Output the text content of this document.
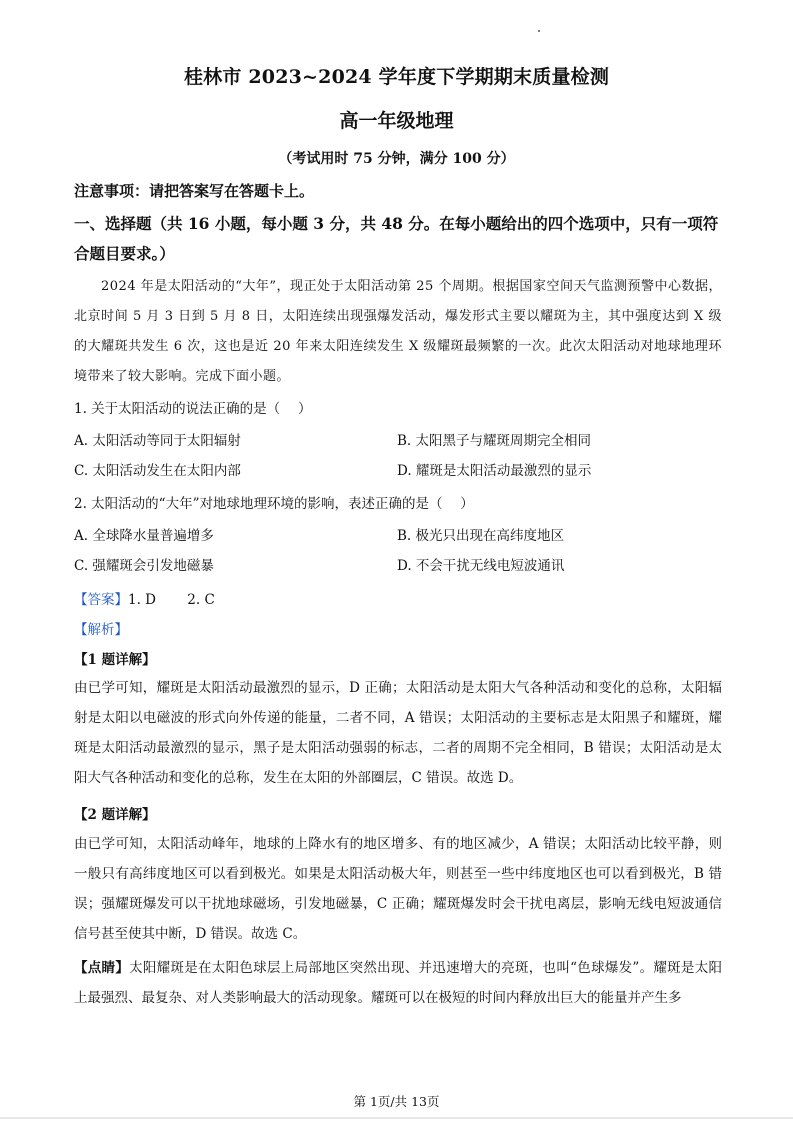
桂林市 2023~2024 学年度下学期期末质量检测
高一年级地理
（考试用时 75 分钟，满分 100 分）
注意事项：请把答案写在答题卡上。
一、选择题（共 16 小题，每小题 3 分，共 48 分。在每小题给出的四个选项中，只有一项符合题目要求。）
2024 年是太阳活动的“大年”，现正处于太阳活动第 25 个周期。根据国家空间天气监测预警中心数据，北京时间 5 月 3 日到 5 月 8 日，太阳连续出现强爆发活动，爆发形式主要以耀斑为主，其中强度达到 X 级的大耀斑共发生 6 次，这也是近 20 年来太阳连续发生 X 级耀斑最频繁的一次。此次太阳活动对地球地理环境带来了较大影响。完成下面小题。
1. 关于太阳活动的说法正确的是（　 ）
A. 太阳活动等同于太阳辐射	B. 太阳黑子与耀斑周期完全相同
C. 太阳活动发生在太阳内部	D. 耀斑是太阳活动最激烈的显示
2. 太阳活动的“大年”对地球地理环境的影响，表述正确的是（　 ）
A. 全球降水量普遍增多	B. 极光只出现在高纬度地区
C. 强耀斑会引发地磁暴	D. 不会干扰无线电短波通讯
【答案】1. D　　 2. C
【解析】
【1 题详解】
由已学可知，耀斑是太阳活动最激烈的显示，D 正确；太阳活动是太阳大气各种活动和变化的总称，太阳辐射是太阳以电磁波的形式向外传递的能量，二者不同，A 错误；太阳活动的主要标志是太阳黑子和耀斑，耀斑是太阳活动最激烈的显示，黑子是太阳活动强弱的标志，二者的周期不完全相同，B 错误；太阳活动是太阳大气各种活动和变化的总称，发生在太阳的外部圈层，C 错误。故选 D。
【2 题详解】
由已学可知，太阳活动峰年，地球的上降水有的地区增多、有的地区减少，A 错误；太阳活动比较平静，则一般只有高纬度地区可以看到极光。如果是太阳活动极大年，则甚至一些中纬度地区也可以看到极光，B 错误；强耀斑爆发可以干扰地球磁场，引发地磁暴，C 正确；耀斑爆发时会干扰电离层，影响无线电短波通信信号甚至使其中断，D 错误。故选 C。
【点睛】太阳耀斑是在太阳色球层上局部地区突然出现、并迅速增大的亮斑，也叫“色球爆发”。耀斑是太阳上最强烈、最复杂、对人类影响最大的活动现象。耀斑可以在极短的时间内释放出巨大的能量并产生多
第 1页/共 13页
